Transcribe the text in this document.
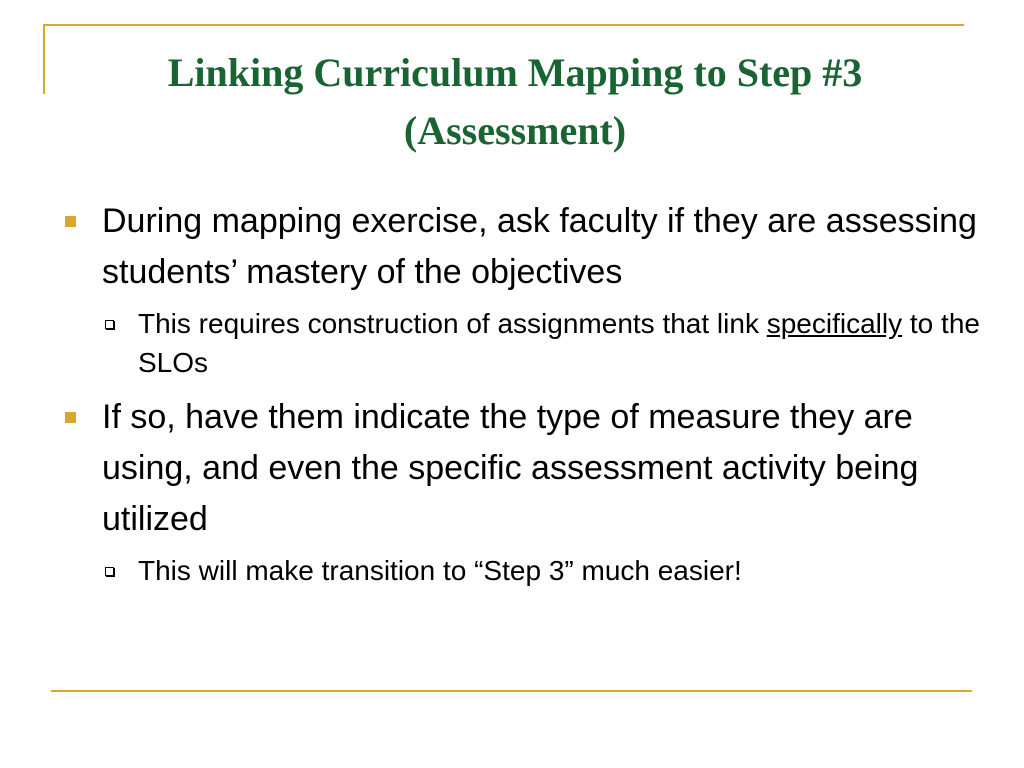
Linking Curriculum Mapping to Step #3 (Assessment)
During mapping exercise, ask faculty if they are assessing students’ mastery of the objectives
This requires construction of assignments that link specifically to the SLOs
If so, have them indicate the type of measure they are using, and even the specific assessment activity being utilized
This will make transition to “Step 3” much easier!
